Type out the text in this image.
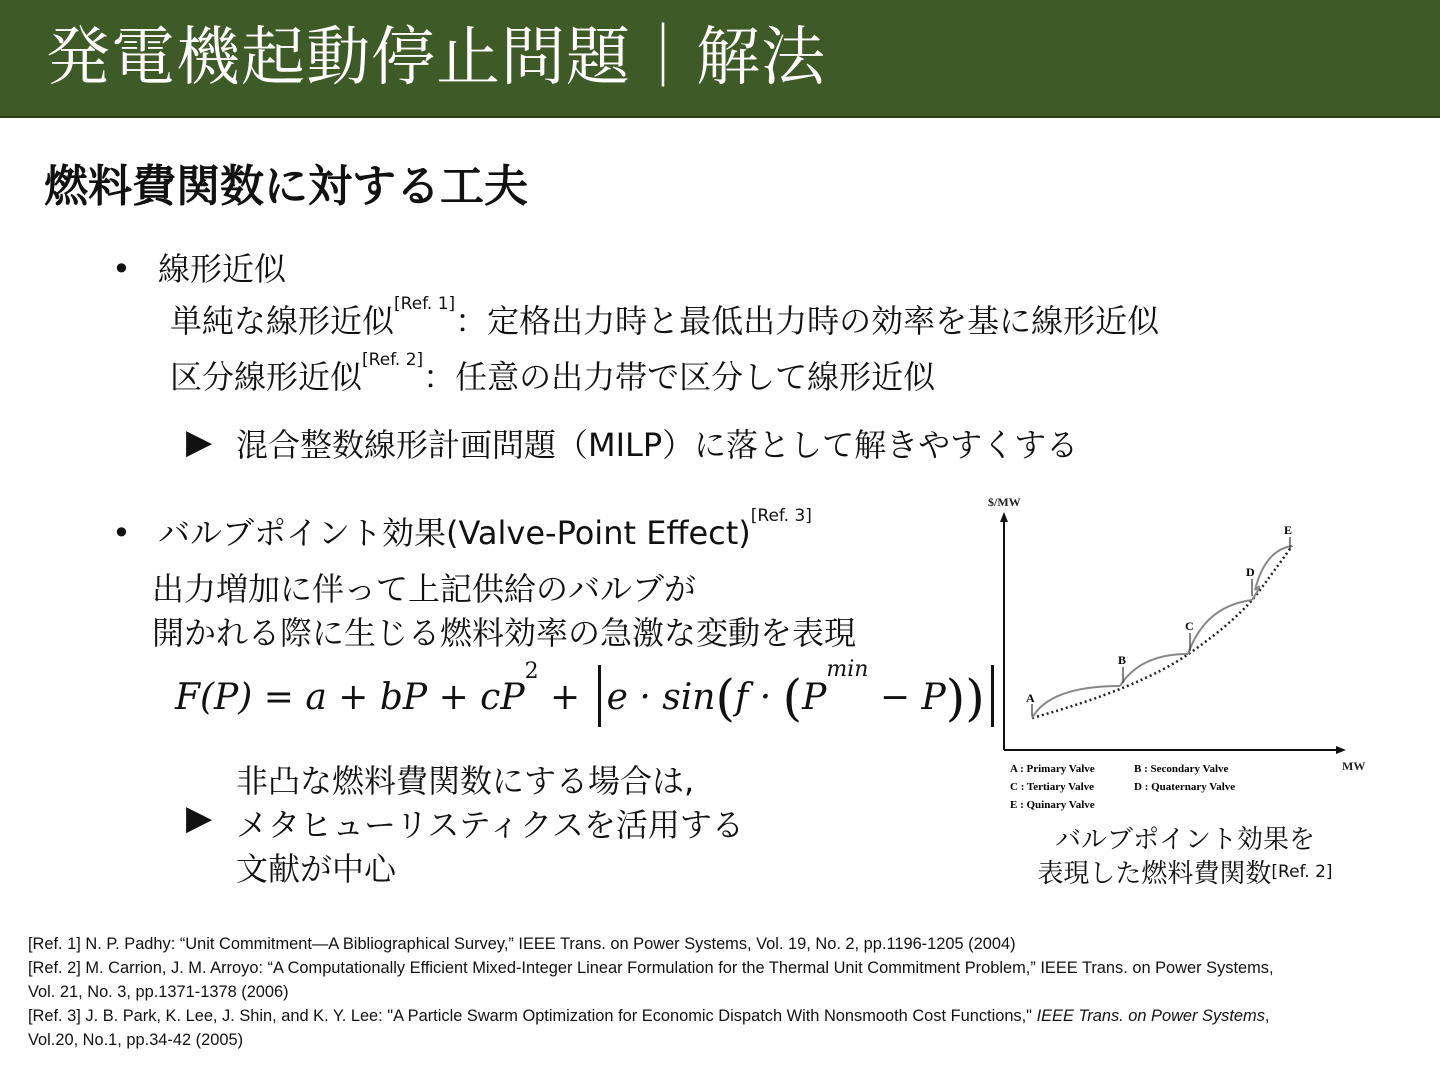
発電機起動停止問題｜解法
燃料費関数に対する工夫
• 線形近似
単純な線形近似[Ref. 1]：定格出力時と最低出力時の効率を基に線形近似
区分線形近似[Ref. 2]：任意の出力帯で区分して線形近似
▶ 混合整数線形計画問題（MILP）に落として解きやすくする
• バルブポイント効果(Valve-Point Effect)[Ref. 3]
出力増加に伴って上記供給のバルブが
開かれる際に生じる燃料効率の急激な変動を表現
F(P) = a + bP + $cP^2 + e \cdot \sin(f \cdot (P^{min} - P))$
▶
非凸な燃料費関数にする場合は,
メタヒューリスティクスを活用する
文献が中心
$/MW
MW
A
B
C
D
E
A : Primary Valve	B : Secondary Valve
C : Tertiary Valve	D : Quaternary Valve
E : Quinary Valve
バルブポイント効果を
表現した燃料費関数[Ref. 2]
[Ref. 1] N. P. Padhy: “Unit Commitment—A Bibliographical Survey,” IEEE Trans. on Power Systems, Vol. 19, No. 2, pp.1196-1205 (2004)
[Ref. 2] M. Carrion, J. M. Arroyo: “A Computationally Efficient Mixed-Integer Linear Formulation for the Thermal Unit Commitment Problem,” IEEE Trans. on Power Systems,
Vol. 21, No. 3, pp.1371-1378 (2006)
[Ref. 3] J. B. Park, K. Lee, J. Shin, and K. Y. Lee: "A Particle Swarm Optimization for Economic Dispatch With Nonsmooth Cost Functions," IEEE Trans. on Power Systems,
Vol.20, No.1, pp.34-42 (2005)
